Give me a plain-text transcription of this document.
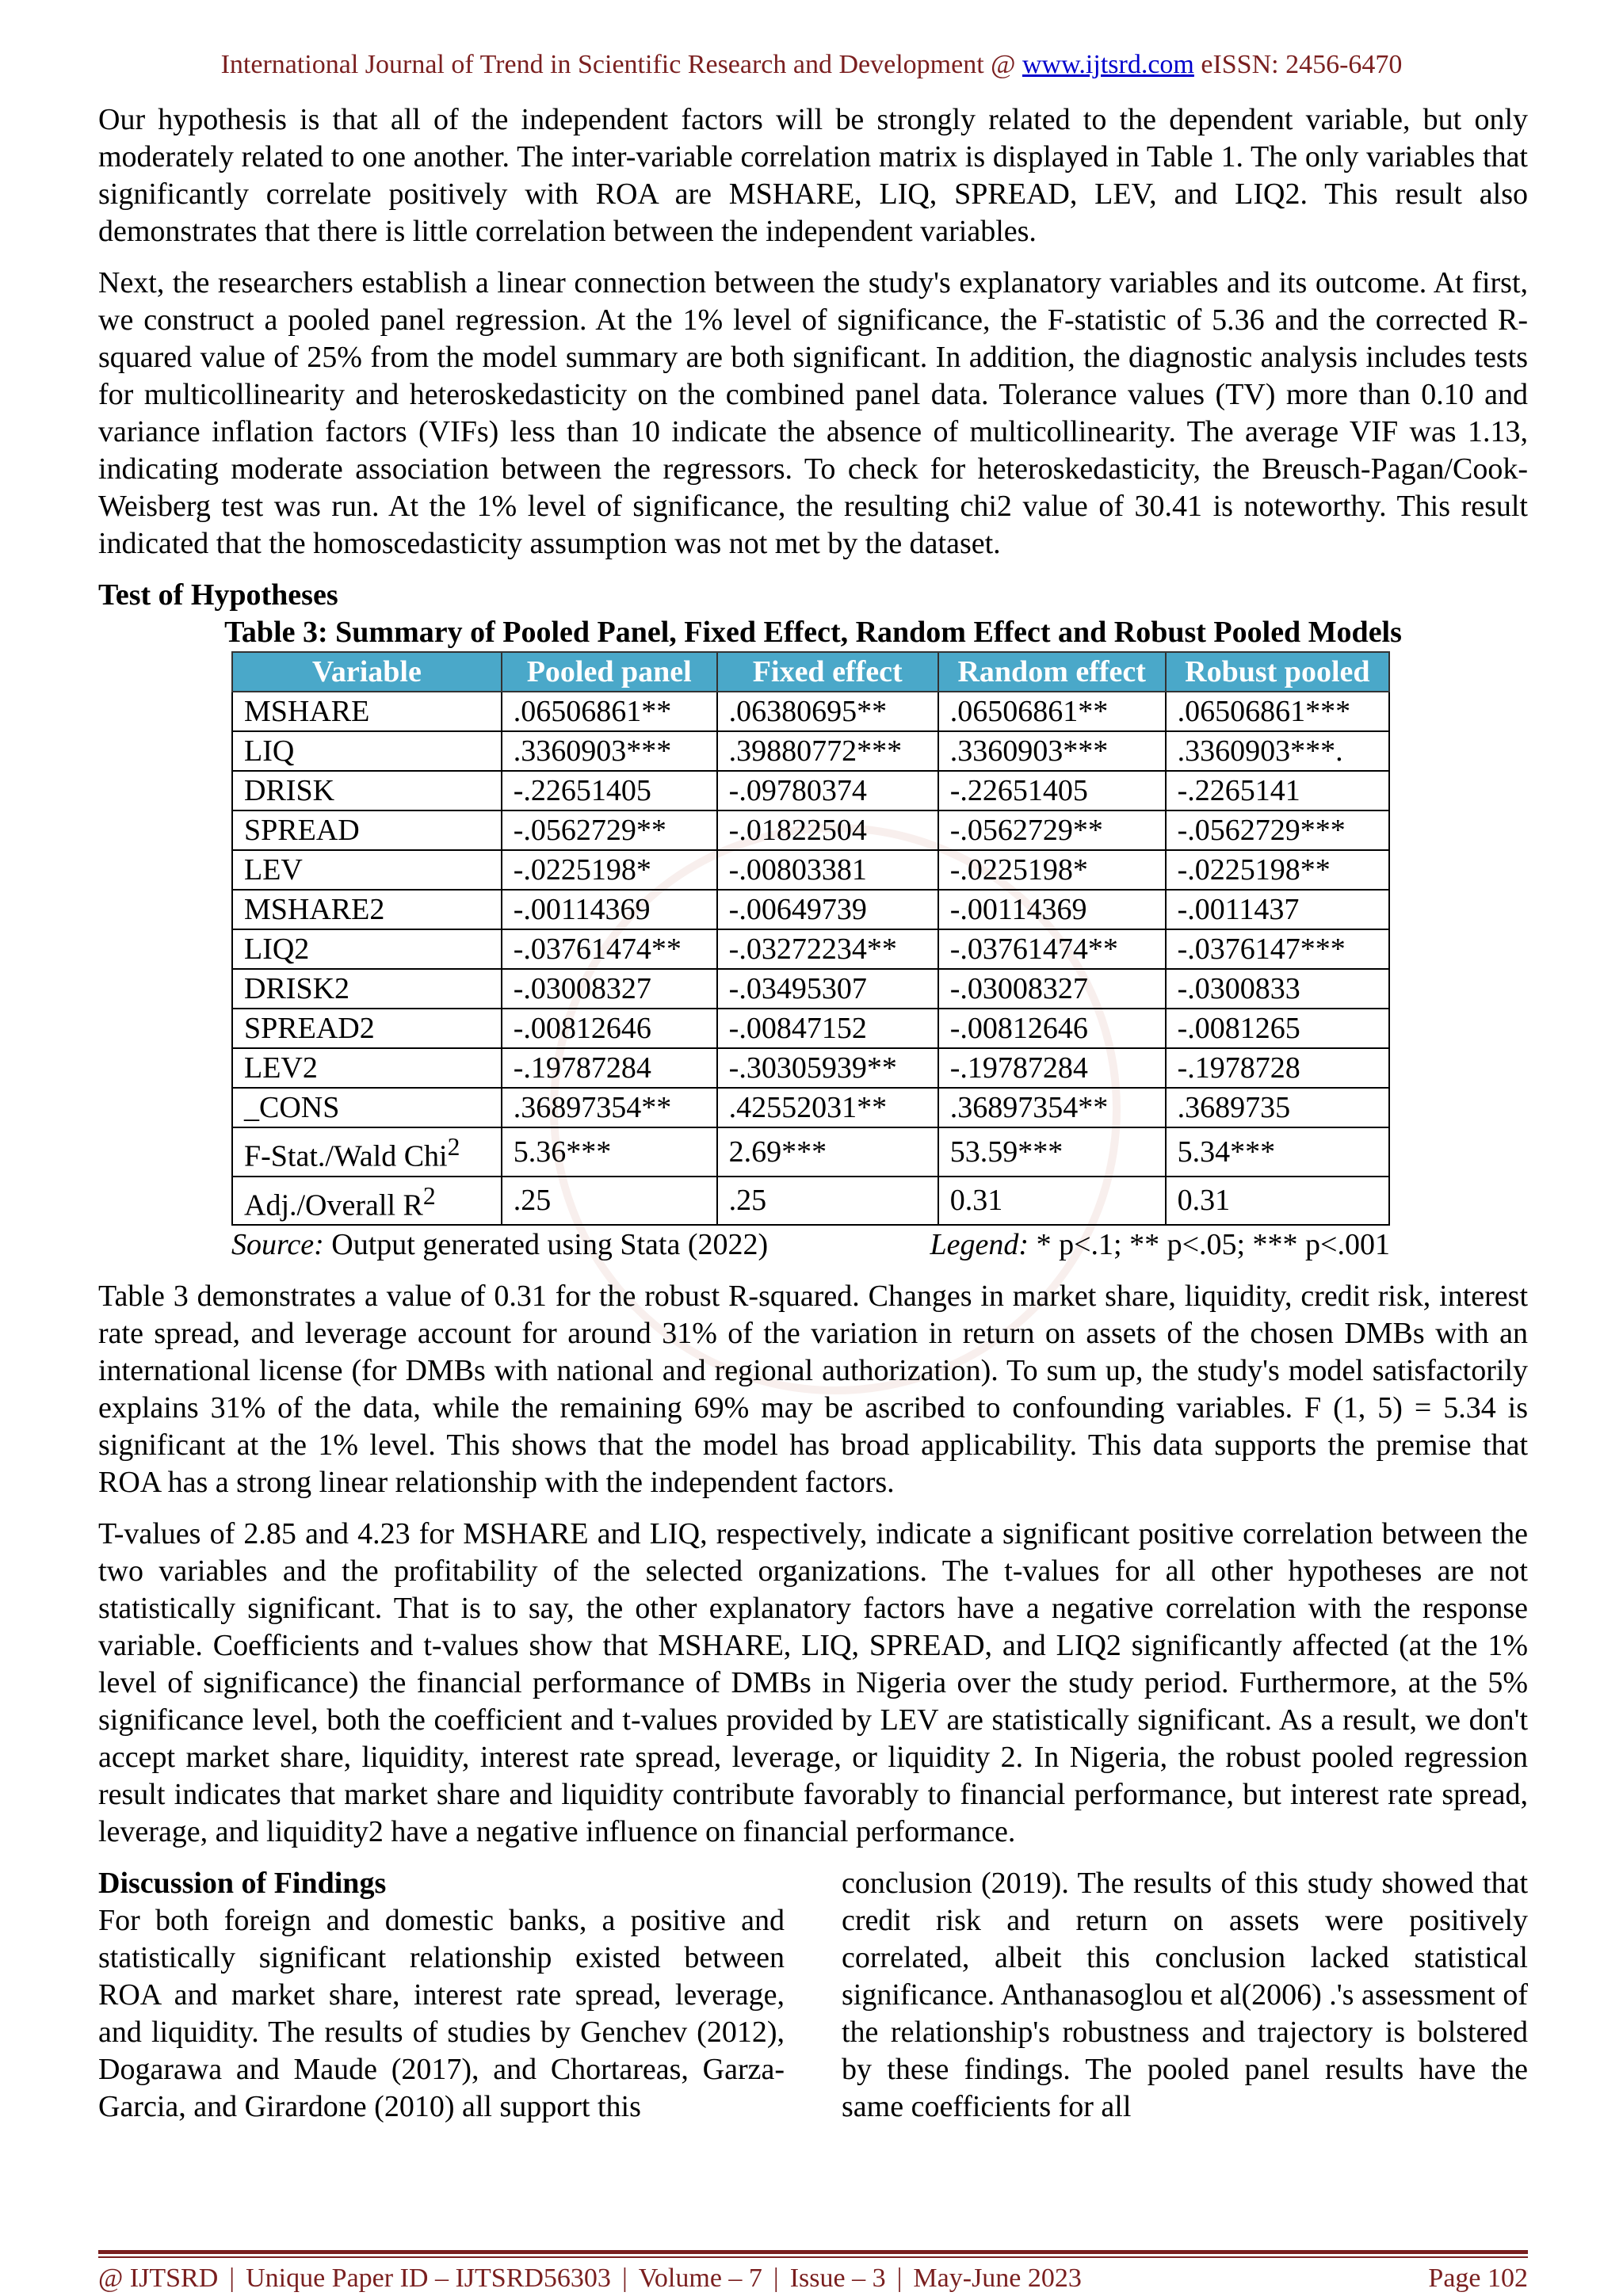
International Journal of Trend in Scientific Research and Development @ www.ijtsrd.com eISSN: 2456-6470

Our hypothesis is that all of the independent factors will be strongly related to the dependent variable, but only moderately related to one another. The inter-variable correlation matrix is displayed in Table 1. The only variables that significantly correlate positively with ROA are MSHARE, LIQ, SPREAD, LEV, and LIQ2. This result also demonstrates that there is little correlation between the independent variables.

Next, the researchers establish a linear connection between the study's explanatory variables and its outcome. At first, we construct a pooled panel regression. At the 1% level of significance, the F-statistic of 5.36 and the corrected R-squared value of 25% from the model summary are both significant. In addition, the diagnostic analysis includes tests for multicollinearity and heteroskedasticity on the combined panel data. Tolerance values (TV) more than 0.10 and variance inflation factors (VIFs) less than 10 indicate the absence of multicollinearity. The average VIF was 1.13, indicating moderate association between the regressors. To check for heteroskedasticity, the Breusch-Pagan/Cook-Weisberg test was run. At the 1% level of significance, the resulting chi2 value of 30.41 is noteworthy. This result indicated that the homoscedasticity assumption was not met by the dataset.

Test of Hypotheses

Table 3: Summary of Pooled Panel, Fixed Effect, Random Effect and Robust Pooled Models

Variable	Pooled panel	Fixed effect	Random effect	Robust pooled
MSHARE	.06506861**	.06380695**	.06506861**	.06506861***
LIQ	.3360903***	.39880772***	.3360903***	.3360903***.
DRISK	-.22651405	-.09780374	-.22651405	-.2265141
SPREAD	-.0562729**	-.01822504	-.0562729**	-.0562729***
LEV	-.0225198*	-.00803381	-.0225198*	-.0225198**
MSHARE2	-.00114369	-.00649739	-.00114369	-.0011437
LIQ2	-.03761474**	-.03272234**	-.03761474**	-.0376147***
DRISK2	-.03008327	-.03495307	-.03008327	-.0300833
SPREAD2	-.00812646	-.00847152	-.00812646	-.0081265
LEV2	-.19787284	-.30305939**	-.19787284	-.1978728
_CONS	.36897354**	.42552031**	.36897354**	.3689735
F-Stat./Wald Chi$^2$	5.36***	2.69***	53.59***	5.34***
Adj./Overall $R^2$	.25	.25	0.31	0.31
Source: Output generated using Stata (2022)	Legend: * p<.1; ** p<.05; *** p<.001

Table 3 demonstrates a value of 0.31 for the robust R-squared. Changes in market share, liquidity, credit risk, interest rate spread, and leverage account for around 31% of the variation in return on assets of the chosen DMBs with an international license (for DMBs with national and regional authorization). To sum up, the study's model satisfactorily explains 31% of the data, while the remaining 69% may be ascribed to confounding variables. F (1, 5) = 5.34 is significant at the 1% level. This shows that the model has broad applicability. This data supports the premise that ROA has a strong linear relationship with the independent factors.

T-values of 2.85 and 4.23 for MSHARE and LIQ, respectively, indicate a significant positive correlation between the two variables and the profitability of the selected organizations. The t-values for all other hypotheses are not statistically significant. That is to say, the other explanatory factors have a negative correlation with the response variable. Coefficients and t-values show that MSHARE, LIQ, SPREAD, and LIQ2 significantly affected (at the 1% level of significance) the financial performance of DMBs in Nigeria over the study period. Furthermore, at the 5% significance level, both the coefficient and t-values provided by LEV are statistically significant. As a result, we don't accept market share, liquidity, interest rate spread, leverage, or liquidity 2. In Nigeria, the robust pooled regression result indicates that market share and liquidity contribute favorably to financial performance, but interest rate spread, leverage, and liquidity2 have a negative influence on financial performance.

Discussion of Findings

For both foreign and domestic banks, a positive and statistically significant relationship existed between ROA and market share, interest rate spread, leverage, and liquidity. The results of studies by Genchev (2012), Dogarawa and Maude (2017), and Chortareas, Garza-Garcia, and Girardone (2010) all support this

conclusion (2019). The results of this study showed that credit risk and return on assets were positively correlated, albeit this conclusion lacked statistical significance. Anthanasoglou et al(2006) .'s assessment of the relationship's robustness and trajectory is bolstered by these findings. The pooled panel results have the same coefficients for all

@ IJTSRD | Unique Paper ID – IJTSRD56303 | Volume – 7 | Issue – 3 | May-June 2023	Page 102
